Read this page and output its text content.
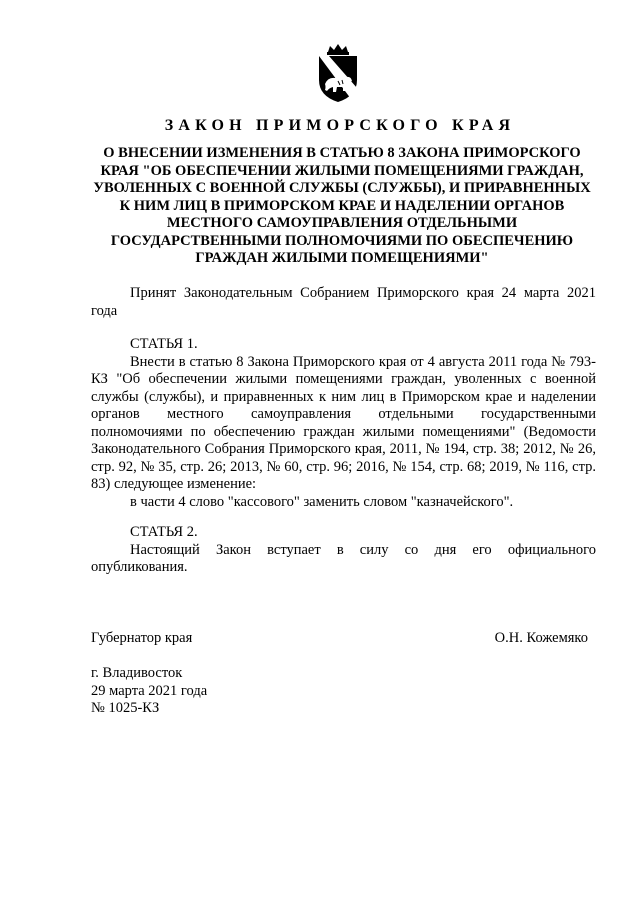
ЗАКОН ПРИМОРСКОГО КРАЯ
О ВНЕСЕНИИ ИЗМЕНЕНИЯ В СТАТЬЮ 8 ЗАКОНА ПРИМОРСКОГО КРАЯ "ОБ ОБЕСПЕЧЕНИИ ЖИЛЫМИ ПОМЕЩЕНИЯМИ ГРАЖДАН, УВОЛЕННЫХ С ВОЕННОЙ СЛУЖБЫ (СЛУЖБЫ), И ПРИРАВНЕННЫХ К НИМ ЛИЦ В ПРИМОРСКОМ КРАЕ И НАДЕЛЕНИИ ОРГАНОВ МЕСТНОГО САМОУПРАВЛЕНИЯ ОТДЕЛЬНЫМИ ГОСУДАРСТВЕННЫМИ ПОЛНОМОЧИЯМИ ПО ОБЕСПЕЧЕНИЮ ГРАЖДАН ЖИЛЫМИ ПОМЕЩЕНИЯМИ"
Принят Законодательным Собранием Приморского края 24 марта 2021 года
СТАТЬЯ 1.
Внести в статью 8 Закона Приморского края от 4 августа 2011 года № 793-КЗ "Об обеспечении жилыми помещениями граждан, уволенных с военной службы (службы), и приравненных к ним лиц в Приморском крае и наделении органов местного самоуправления отдельными государственными полномочиями по обеспечению граждан жилыми помещениями" (Ведомости Законодательного Собрания Приморского края, 2011, № 194, стр. 38; 2012, № 26, стр. 92, № 35, стр. 26; 2013, № 60, стр. 96; 2016, № 154, стр. 68; 2019, № 116, стр. 83) следующее изменение:
в части 4 слово "кассового" заменить словом "казначейского".
СТАТЬЯ 2.
Настоящий Закон вступает в силу со дня его официального опубликования.
Губернатор края	О.Н. Кожемяко
г. Владивосток
29 марта 2021 года
№ 1025-КЗ
